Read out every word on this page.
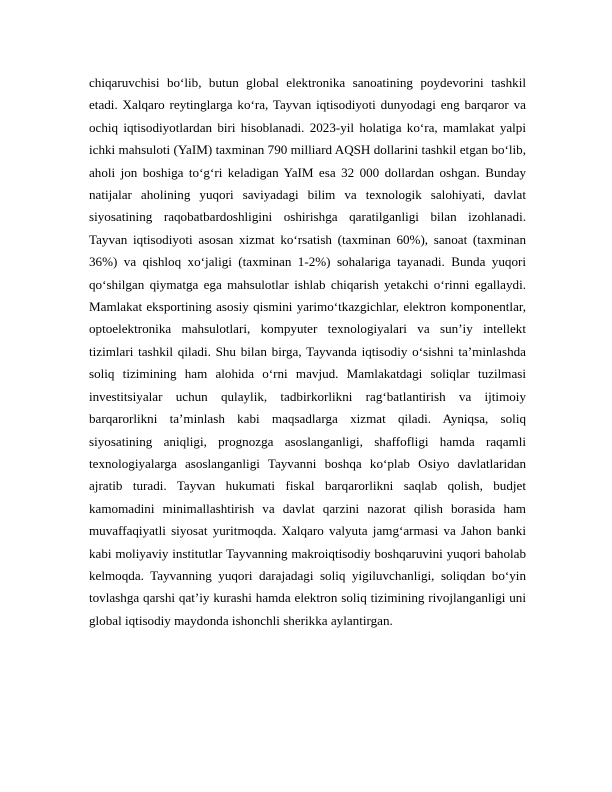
chiqaruvchisi bo‘lib, butun global elektronika sanoatining poydevorini tashkil etadi. Xalqaro reytinglarga ko‘ra, Tayvan iqtisodiyoti dunyodagi eng barqaror va ochiq iqtisodiyotlardan biri hisoblanadi. 2023-yil holatiga ko‘ra, mamlakat yalpi ichki mahsuloti (YaIM) taxminan 790 milliard AQSH dollarini tashkil etgan bo‘lib, aholi jon boshiga to‘g‘ri keladigan YaIM esa 32 000 dollardan oshgan. Bunday natijalar aholining yuqori saviyadagi bilim va texnologik salohiyati, davlat siyosatining raqobatbardoshligini oshirishga qaratilganligi bilan izohlanadi. Tayvan iqtisodiyoti asosan xizmat ko‘rsatish (taxminan 60%), sanoat (taxminan 36%) va qishloq xo‘jaligi (taxminan 1-2%) sohalariga tayanadi. Bunda yuqori qo‘shilgan qiymatga ega mahsulotlar ishlab chiqarish yetakchi o‘rinni egallaydi. Mamlakat eksportining asosiy qismini yarimo‘tkazgichlar, elektron komponentlar, optoelektronika mahsulotlari, kompyuter texnologiyalari va sun’iy intellekt tizimlari tashkil qiladi. Shu bilan birga, Tayvanda iqtisodiy o‘sishni ta’minlashda soliq tizimining ham alohida o‘rni mavjud. Mamlakatdagi soliqlar tuzilmasi investitsiyalar uchun qulaylik, tadbirkorlikni rag‘batlantirish va ijtimoiy barqarorlikni ta’minlash kabi maqsadlarga xizmat qiladi. Ayniqsa, soliq siyosatining aniqligi, prognozga asoslanganligi, shaffofligi hamda raqamli texnologiyalarga asoslanganligi Tayvanni boshqa ko‘plab Osiyo davlatlaridan ajratib turadi. Tayvan hukumati fiskal barqarorlikni saqlab qolish, budjet kamomadini minimallashtirish va davlat qarzini nazorat qilish borasida ham muvaffaqiyatli siyosat yuritmoqda. Xalqaro valyuta jamg‘armasi va Jahon banki kabi moliyaviy institutlar Tayvanning makroiqtisodiy boshqaruvini yuqori baholab kelmoqda. Tayvanning yuqori darajadagi soliq yigiluvchanligi, soliqdan bo‘yin tovlashga qarshi qat’iy kurashi hamda elektron soliq tizimining rivojlanganligi uni global iqtisodiy maydonda ishonchli sherikka aylantirgan.
